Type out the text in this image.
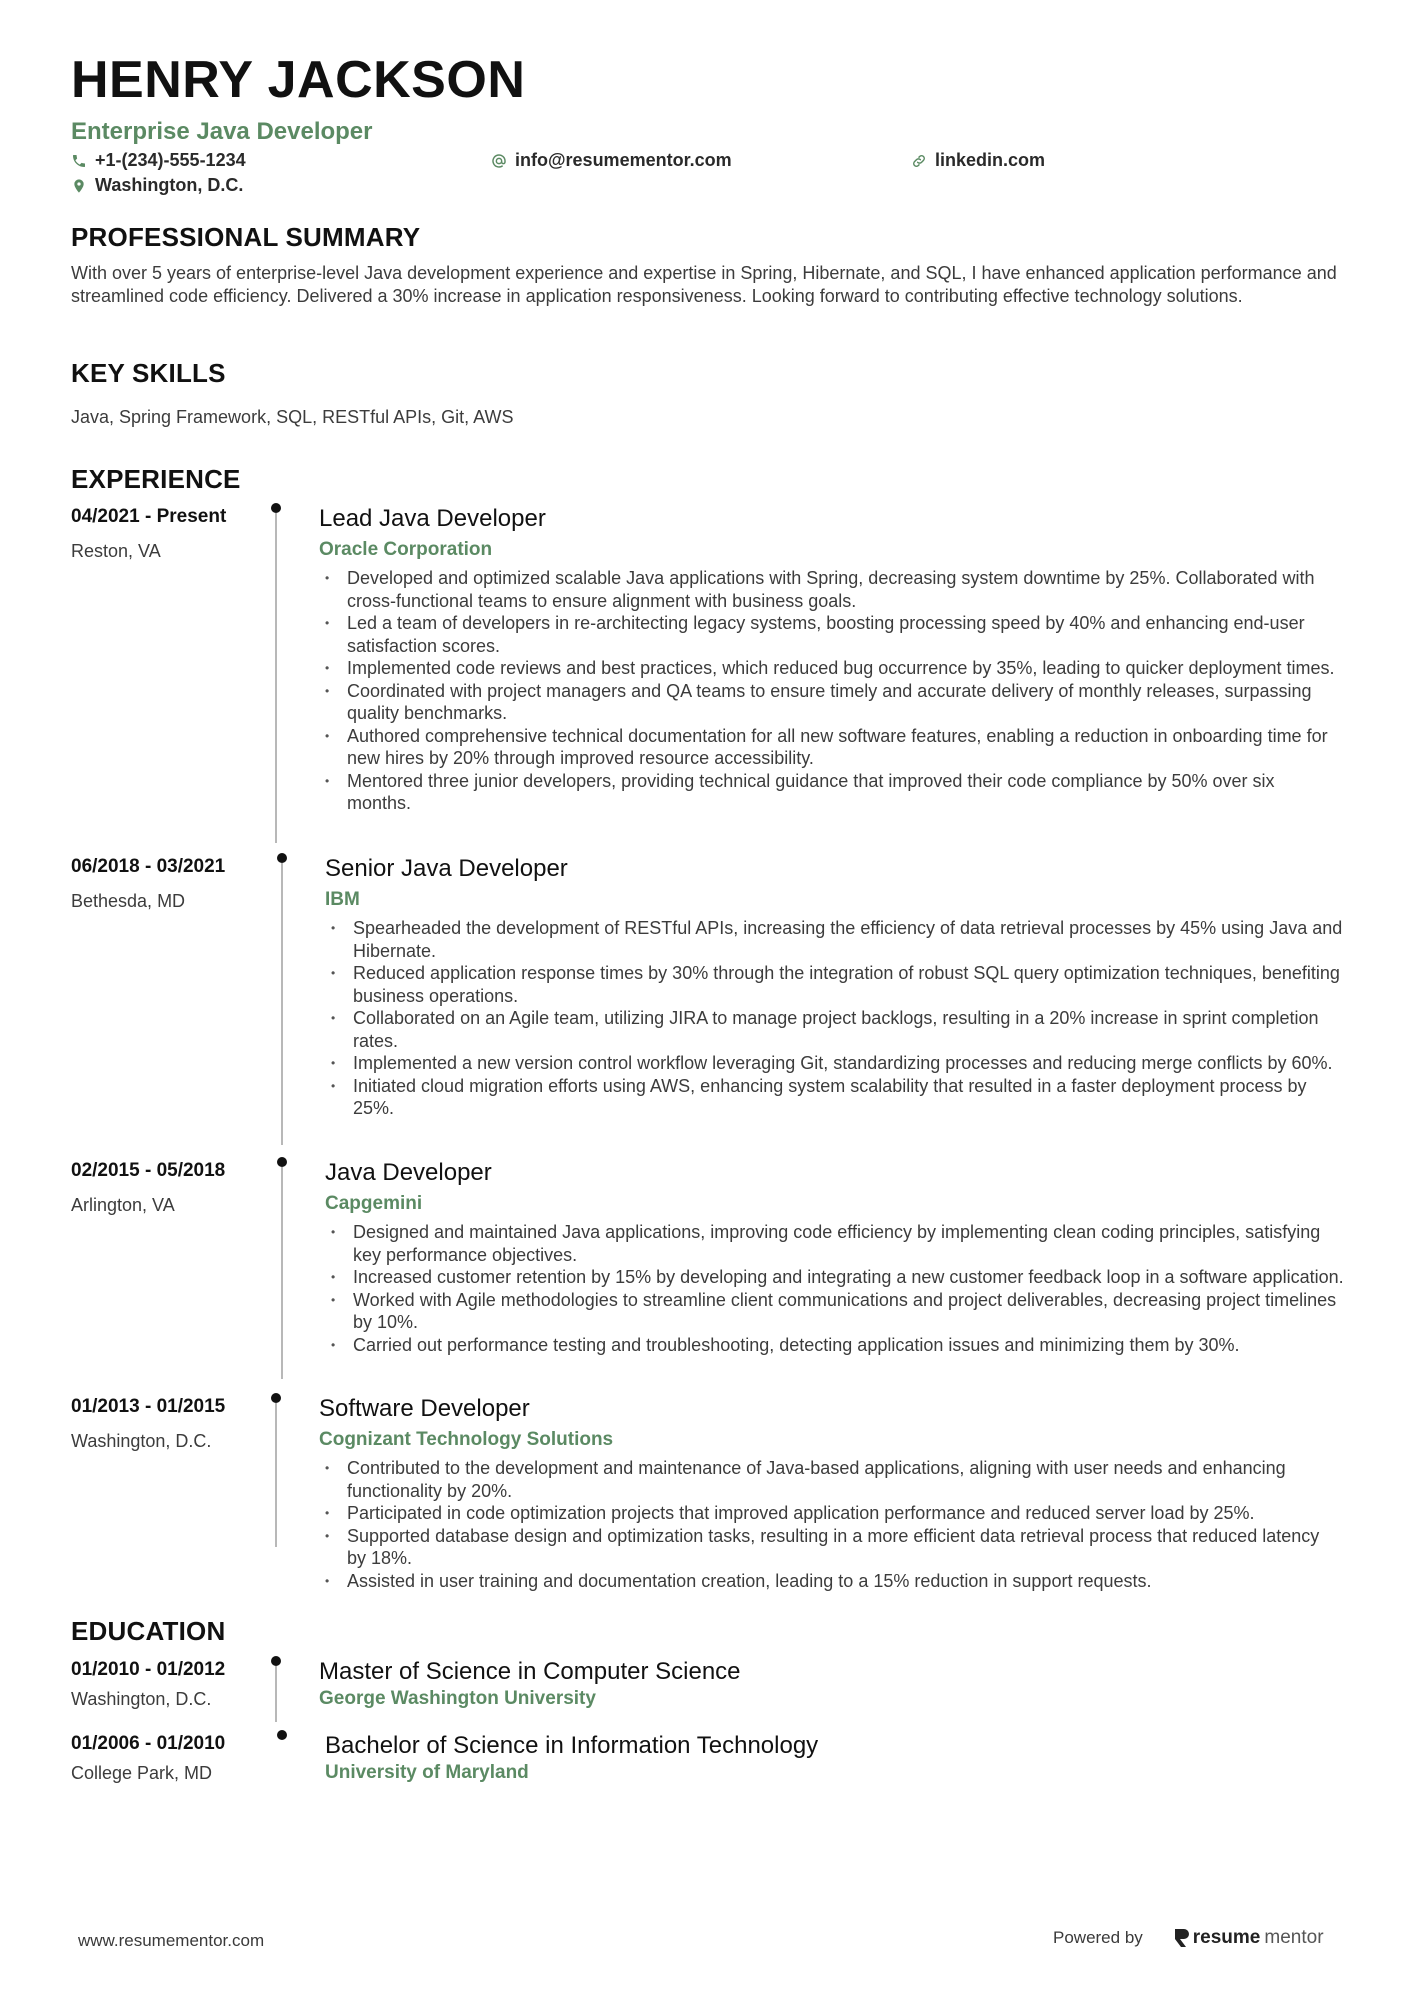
HENRY JACKSON
Enterprise Java Developer
+1-(234)-555-1234	info@resumementor.com	linkedin.com
Washington, D.C.
PROFESSIONAL SUMMARY
With over 5 years of enterprise-level Java development experience and expertise in Spring, Hibernate, and SQL, I have enhanced application performance and streamlined code efficiency. Delivered a 30% increase in application responsiveness. Looking forward to contributing effective technology solutions.
KEY SKILLS
Java, Spring Framework, SQL, RESTful APIs, Git, AWS
EXPERIENCE
04/2021 - Present
Reston, VA
Lead Java Developer
Oracle Corporation
• Developed and optimized scalable Java applications with Spring, decreasing system downtime by 25%. Collaborated with cross-functional teams to ensure alignment with business goals.
• Led a team of developers in re-architecting legacy systems, boosting processing speed by 40% and enhancing end-user satisfaction scores.
• Implemented code reviews and best practices, which reduced bug occurrence by 35%, leading to quicker deployment times.
• Coordinated with project managers and QA teams to ensure timely and accurate delivery of monthly releases, surpassing quality benchmarks.
• Authored comprehensive technical documentation for all new software features, enabling a reduction in onboarding time for new hires by 20% through improved resource accessibility.
• Mentored three junior developers, providing technical guidance that improved their code compliance by 50% over six months.
06/2018 - 03/2021
Bethesda, MD
Senior Java Developer
IBM
• Spearheaded the development of RESTful APIs, increasing the efficiency of data retrieval processes by 45% using Java and Hibernate.
• Reduced application response times by 30% through the integration of robust SQL query optimization techniques, benefiting business operations.
• Collaborated on an Agile team, utilizing JIRA to manage project backlogs, resulting in a 20% increase in sprint completion rates.
• Implemented a new version control workflow leveraging Git, standardizing processes and reducing merge conflicts by 60%.
• Initiated cloud migration efforts using AWS, enhancing system scalability that resulted in a faster deployment process by 25%.
02/2015 - 05/2018
Arlington, VA
Java Developer
Capgemini
• Designed and maintained Java applications, improving code efficiency by implementing clean coding principles, satisfying key performance objectives.
• Increased customer retention by 15% by developing and integrating a new customer feedback loop in a software application.
• Worked with Agile methodologies to streamline client communications and project deliverables, decreasing project timelines by 10%.
• Carried out performance testing and troubleshooting, detecting application issues and minimizing them by 30%.
01/2013 - 01/2015
Washington, D.C.
Software Developer
Cognizant Technology Solutions
• Contributed to the development and maintenance of Java-based applications, aligning with user needs and enhancing functionality by 20%.
• Participated in code optimization projects that improved application performance and reduced server load by 25%.
• Supported database design and optimization tasks, resulting in a more efficient data retrieval process that reduced latency by 18%.
• Assisted in user training and documentation creation, leading to a 15% reduction in support requests.
EDUCATION
01/2010 - 01/2012
Washington, D.C.
Master of Science in Computer Science
George Washington University
01/2006 - 01/2010
College Park, MD
Bachelor of Science in Information Technology
University of Maryland
www.resumementor.com	Powered by	resume mentor
